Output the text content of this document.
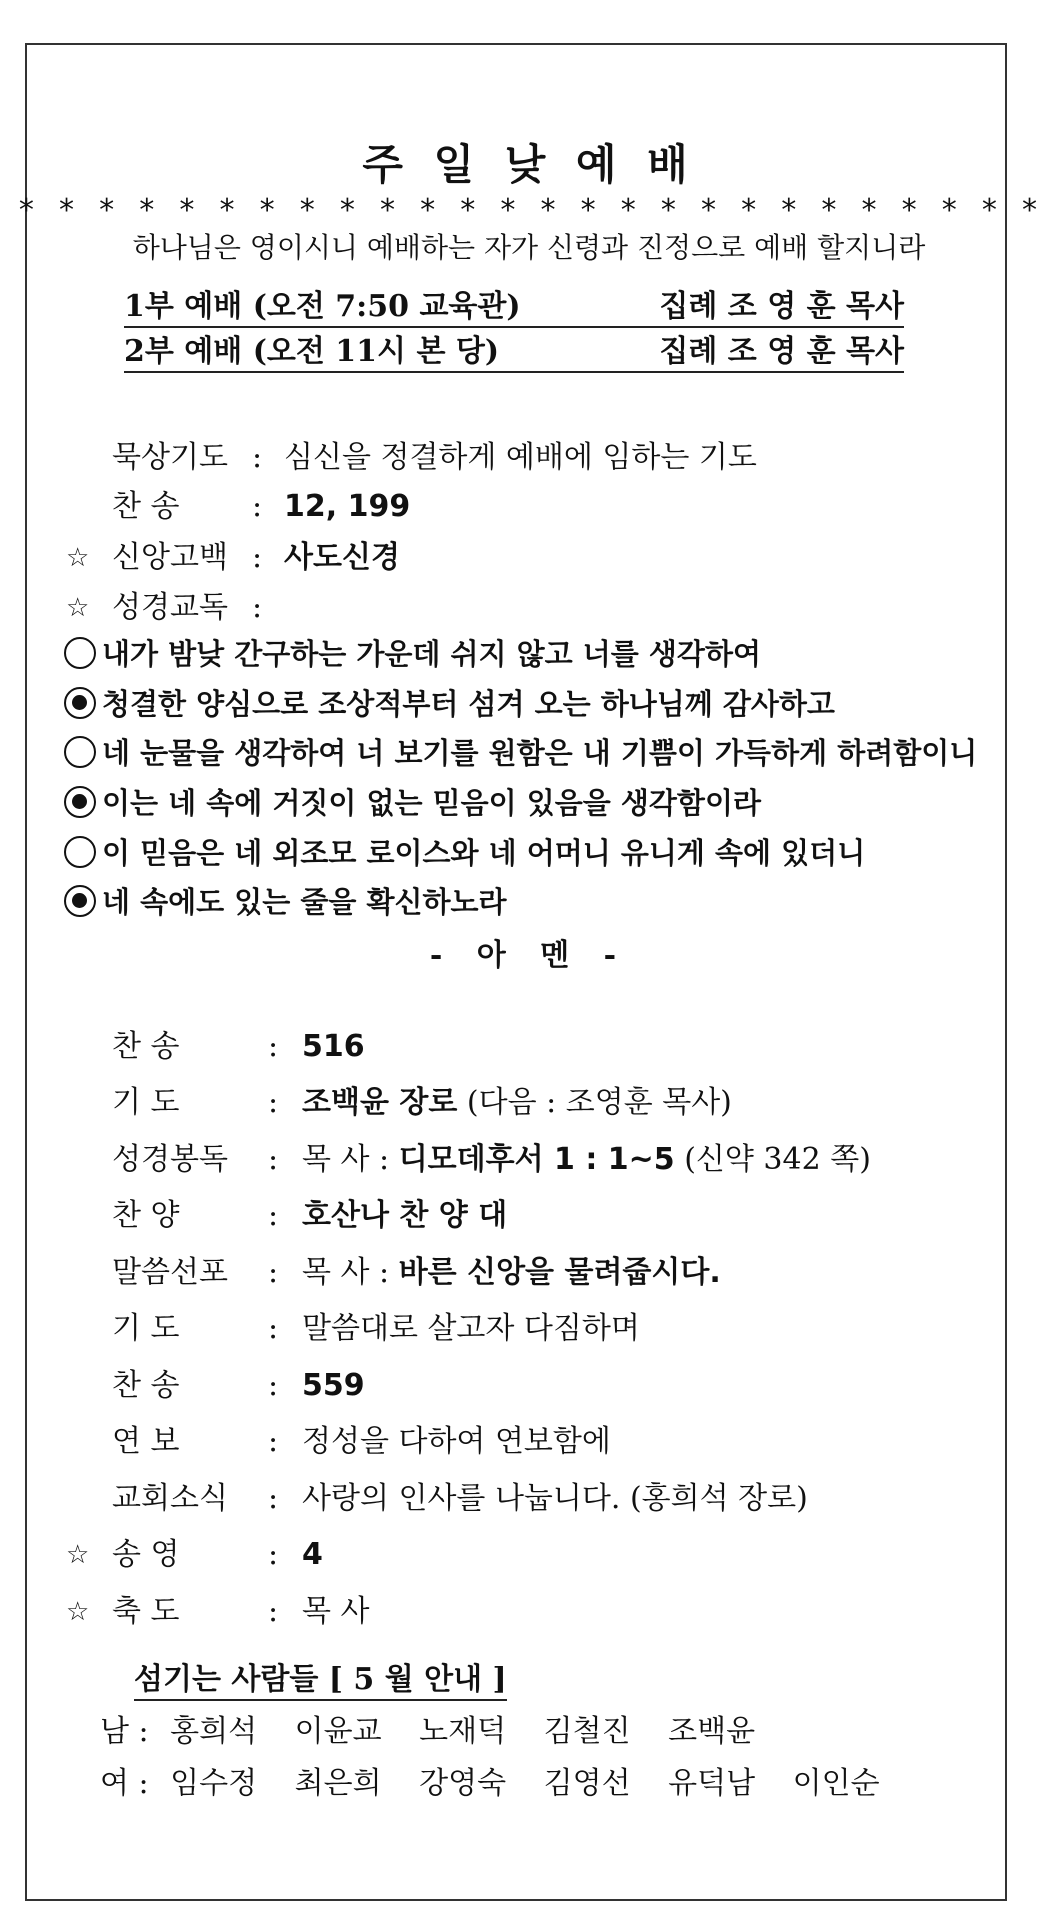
주 일 낮 예 배
* * * * * * * * * * * * * * * * * * * * * * * * * *
하나님은 영이시니 예배하는 자가 신령과 진정으로 예배 할지니라
1부 예배 (오전 7:50 교육관)	집례 조 영 훈 목사
2부 예배 (오전 11시 본 당)	집례 조 영 훈 목사
묵상기도 : 심신을 정결하게 예배에 임하는 기도
찬 송	: 12, 199
☆ 신앙고백 : 사도신경
☆ 성경교독 :
내가 밤낮 간구하는 가운데 쉬지 않고 너를 생각하여
청결한 양심으로 조상적부터 섬겨 오는 하나님께 감사하고
네 눈물을 생각하여 너 보기를 원함은 내 기쁨이 가득하게 하려함이니
이는 네 속에 거짓이 없는 믿음이 있음을 생각함이라
이 믿음은 네 외조모 로이스와 네 어머니 유니게 속에 있더니
네 속에도 있는 줄을 확신하노라
- 아 멘 -
찬 송	: 516
기 도	: 조백윤 장로 (다음 : 조영훈 목사)
성경봉독	: 목 사 : 디모데후서 1 : 1~5 (신약 342 쪽)
찬 양	: 호산나 찬 양 대
말씀선포	: 목 사 : 바른 신앙을 물려줍시다.
기 도	: 말씀대로 살고자 다짐하며
찬 송	: 559
연 보	: 정성을 다하여 연보함에
교회소식	: 사랑의 인사를 나눕니다. (홍희석 장로)
☆ 송 영	: 4
☆ 축 도	: 목 사
섬기는 사람들 [ 5 월 안내 ]
남 : 홍희석 이윤교 노재덕 김철진 조백윤
여 : 임수정 최은희 강영숙 김영선 유덕남 이인순
